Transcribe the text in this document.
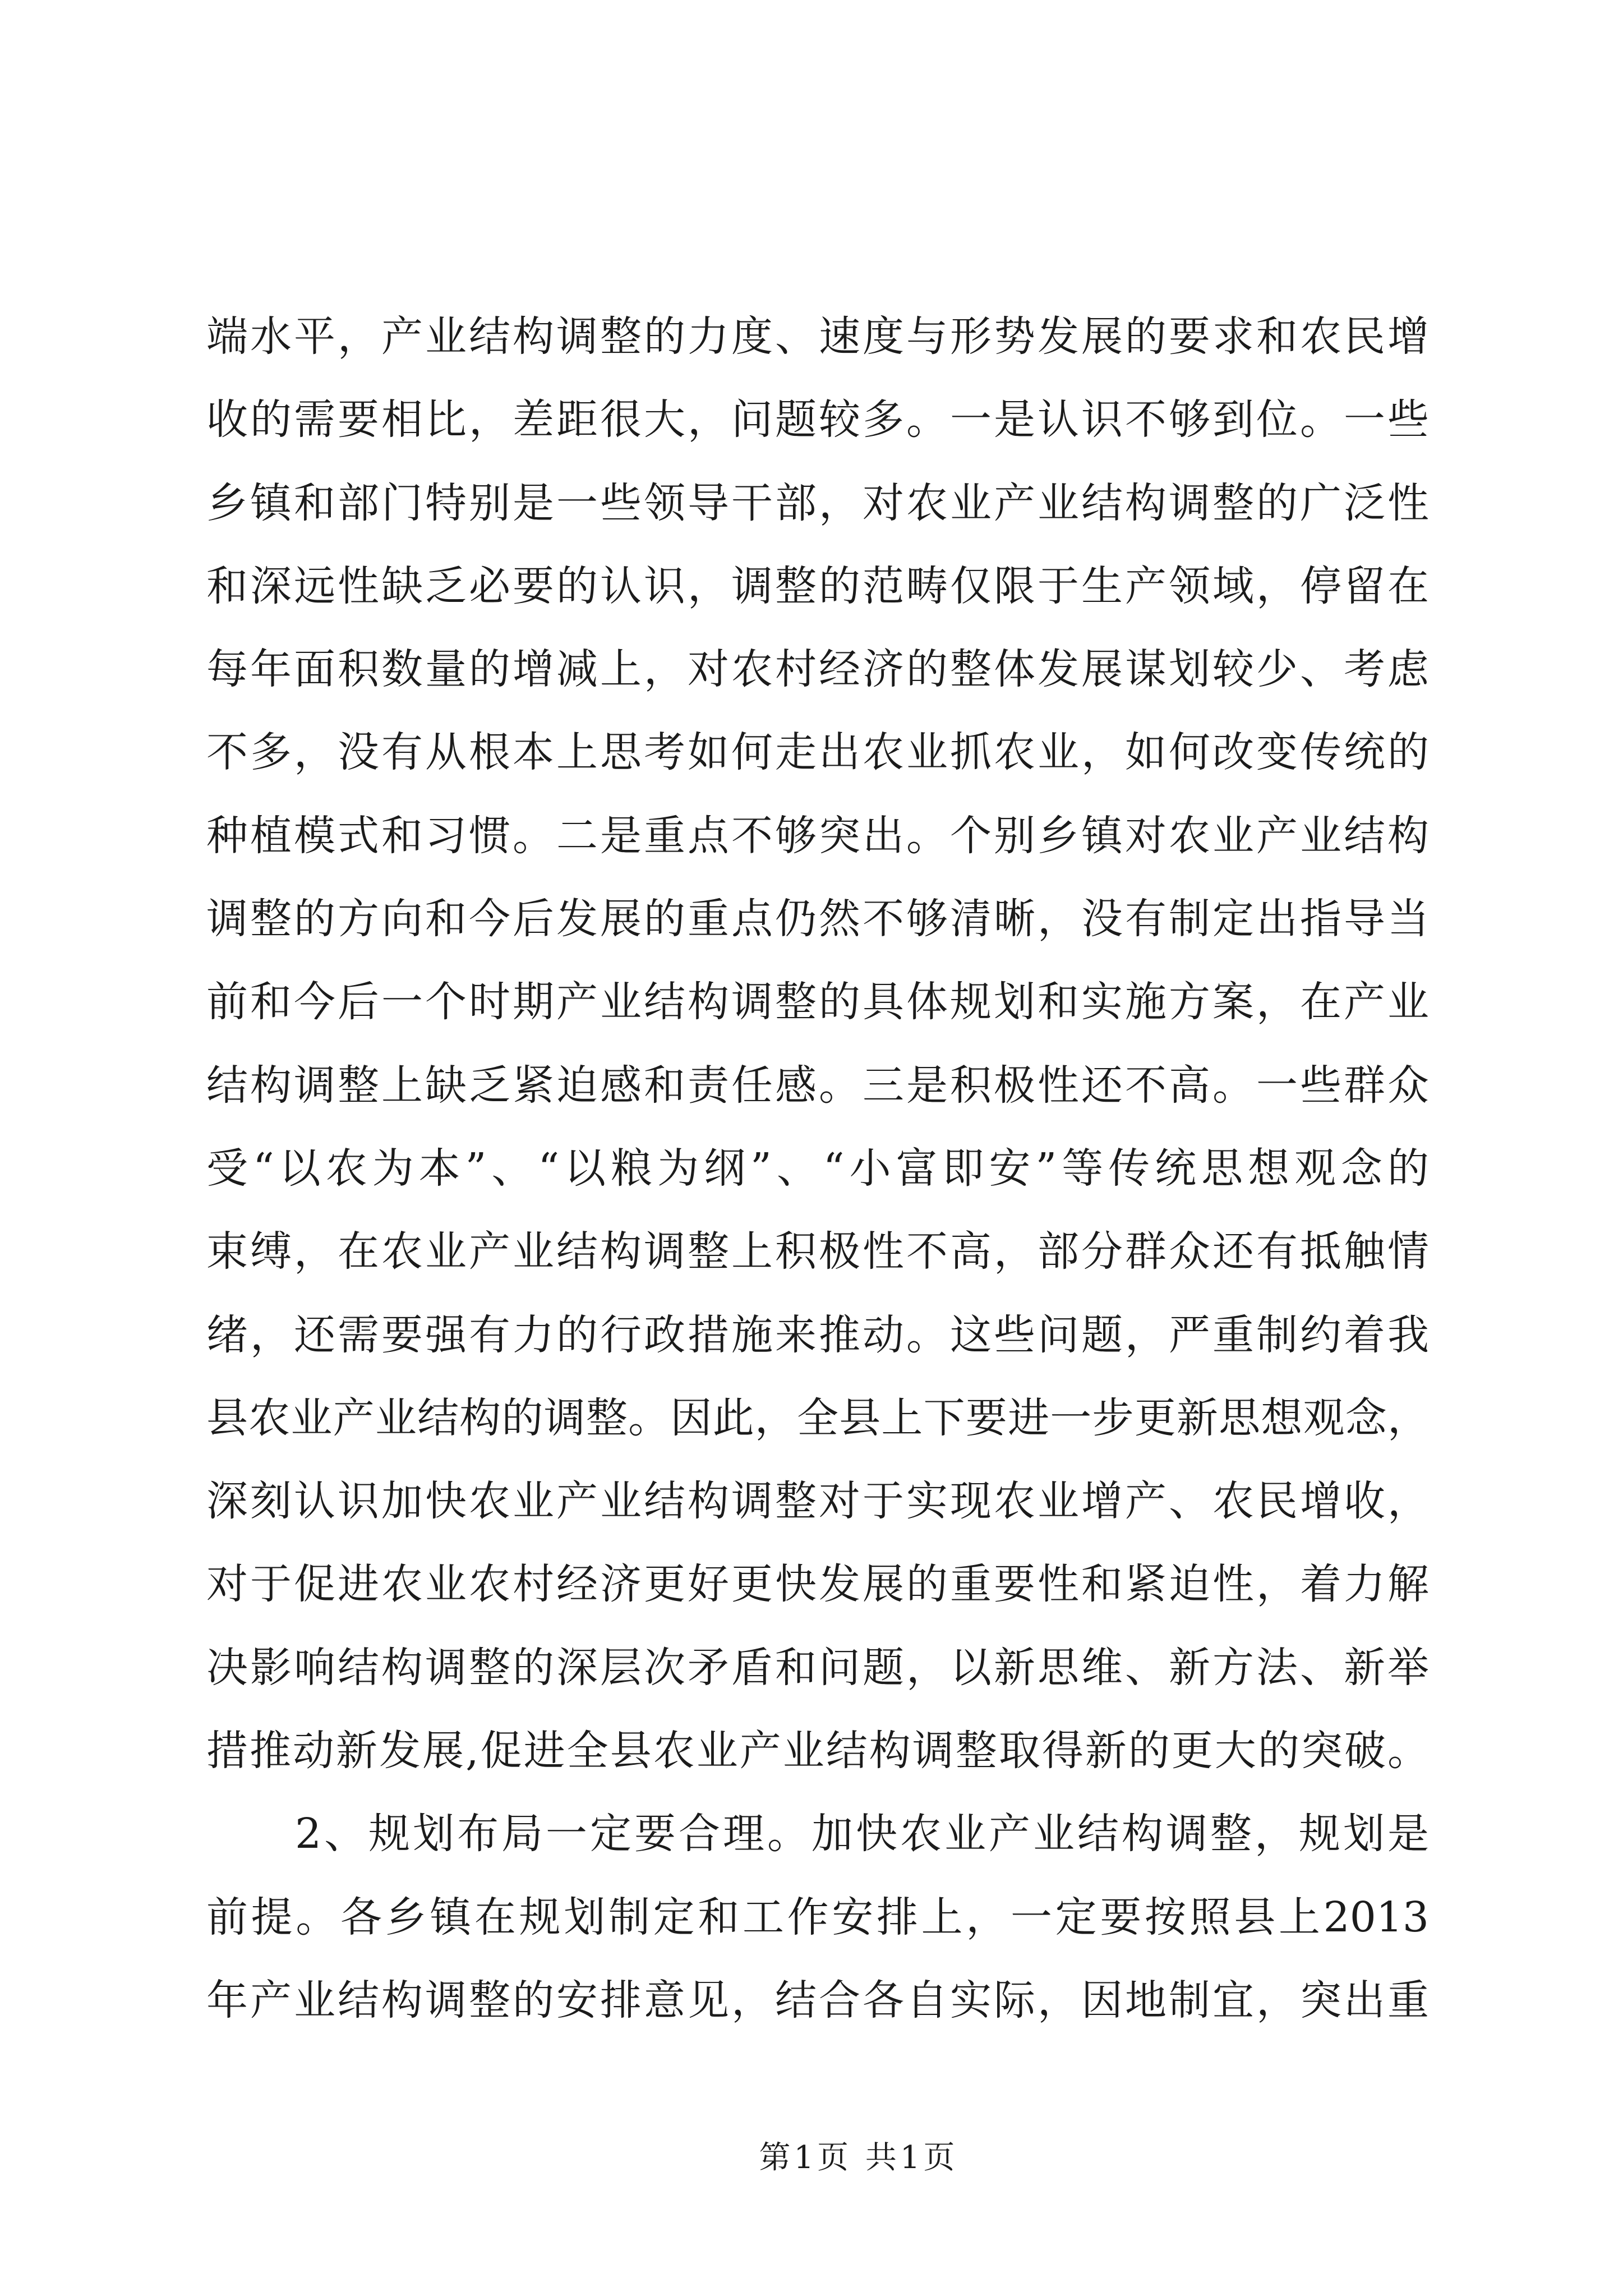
端水平，产业结构调整的力度、速度与形势发展的要求和农民增
收的需要相比，差距很大，问题较多。一是认识不够到位。一些
乡镇和部门特别是一些领导干部，对农业产业结构调整的广泛性
和深远性缺乏必要的认识，调整的范畴仅限于生产领域，停留在
每年面积数量的增减上，对农村经济的整体发展谋划较少、考虑
不多，没有从根本上思考如何走出农业抓农业，如何改变传统的
种植模式和习惯。二是重点不够突出。个别乡镇对农业产业结构
调整的方向和今后发展的重点仍然不够清晰，没有制定出指导当
前和今后一个时期产业结构调整的具体规划和实施方案，在产业
结构调整上缺乏紧迫感和责任感。三是积极性还不高。一些群众
受“以农为本”、“以粮为纲”、“小富即安”等传统思想观念的
束缚，在农业产业结构调整上积极性不高，部分群众还有抵触情
绪，还需要强有力的行政措施来推动。这些问题，严重制约着我
县农业产业结构的调整。因此，全县上下要进一步更新思想观念，
深刻认识加快农业产业结构调整对于实现农业增产、农民增收，
对于促进农业农村经济更好更快发展的重要性和紧迫性，着力解
决影响结构调整的深层次矛盾和问题，以新思维、新方法、新举
措推动新发展,促进全县农业产业结构调整取得新的更大的突破。
2、规划布局一定要合理。加快农业产业结构调整，规划是
前提。各乡镇在规划制定和工作安排上，一定要按照县上2013
年产业结构调整的安排意见，结合各自实际，因地制宜，突出重
第1页 共1页
